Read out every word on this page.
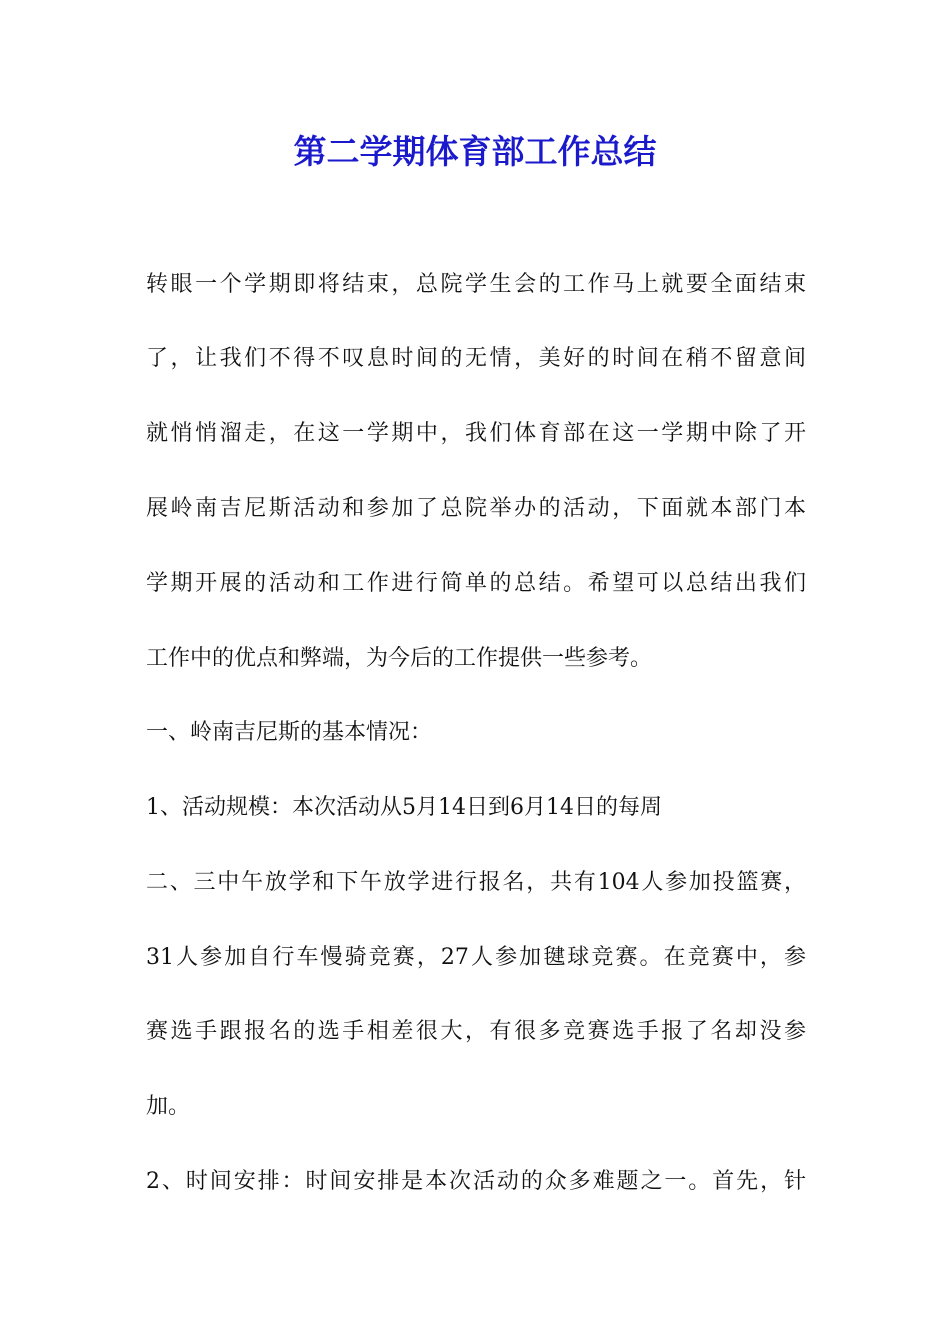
第二学期体育部工作总结

转眼一个学期即将结束，总院学生会的工作马上就要全面结束

了，让我们不得不叹息时间的无情，美好的时间在稍不留意间

就悄悄溜走，在这一学期中，我们体育部在这一学期中除了开

展岭南吉尼斯活动和参加了总院举办的活动，下面就本部门本

学期开展的活动和工作进行简单的总结。希望可以总结出我们

工作中的优点和弊端，为今后的工作提供一些参考。

一、岭南吉尼斯的基本情况：

1、活动规模：本次活动从5月14日到6月14日的每周

二、三中午放学和下午放学进行报名，共有104人参加投篮赛，

31人参加自行车慢骑竞赛，27人参加毽球竞赛。在竞赛中，参

赛选手跟报名的选手相差很大，有很多竞赛选手报了名却没参

加。

2、时间安排：时间安排是本次活动的众多难题之一。首先，针
